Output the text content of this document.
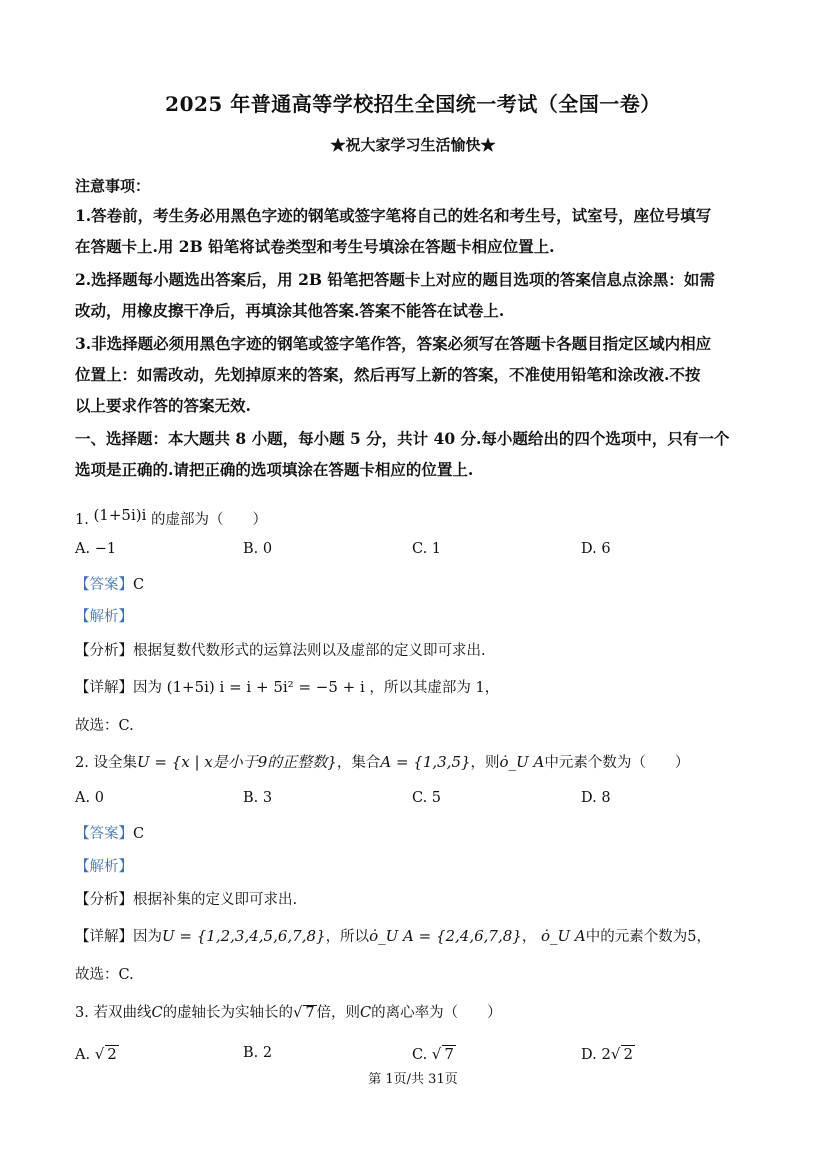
2025 年普通高等学校招生全国统一考试（全国一卷）
★祝大家学习生活愉快★
注意事项：
1.答卷前，考生务必用黑色字迹的钢笔或签字笔将自己的姓名和考生号，试室号，座位号填写
在答题卡上.用 2B 铅笔将试卷类型和考生号填涂在答题卡相应位置上.
2.选择题每小题选出答案后，用 2B 铅笔把答题卡上对应的题目选项的答案信息点涂黑：如需
改动，用橡皮擦干净后，再填涂其他答案.答案不能答在试卷上.
3.非选择题必须用黑色字迹的钢笔或签字笔作答，答案必须写在答题卡各题目指定区域内相应
位置上：如需改动，先划掉原来的答案，然后再写上新的答案，不准使用铅笔和涂改液.不按
以上要求作答的答案无效.
一、选择题：本大题共 8 小题，每小题 5 分，共计 40 分.每小题给出的四个选项中，只有一个
选项是正确的.请把正确的选项填涂在答题卡相应的位置上.
1. (1+5i)i 的虚部为（　　）
A. −1	B. 0	C. 1	D. 6
【答案】C
【解析】
【分析】根据复数代数形式的运算法则以及虚部的定义即可求出.
【详解】因为 (1+5i) i = i + 5i² = −5 + i ，所以其虚部为 1，
故选：C.
2. 设全集U = {x | x是小于9的正整数}，集合A = {1,3,5}，则ȯ_U A中元素个数为（　　）
A. 0	B. 3	C. 5	D. 8
【答案】C
【解析】
【分析】根据补集的定义即可求出.
【详解】因为U = {1,2,3,4,5,6,7,8}，所以ȯ_U A = {2,4,6,7,8}， ȯ_U A中的元素个数为5，
故选：C.
3. 若双曲线C的虚轴长为实轴长的√ 7 倍，则C的离心率为（　　）
A. √ 2	B. 2	C. √ 7	D. 2√ 2
第 1页/共 31页
